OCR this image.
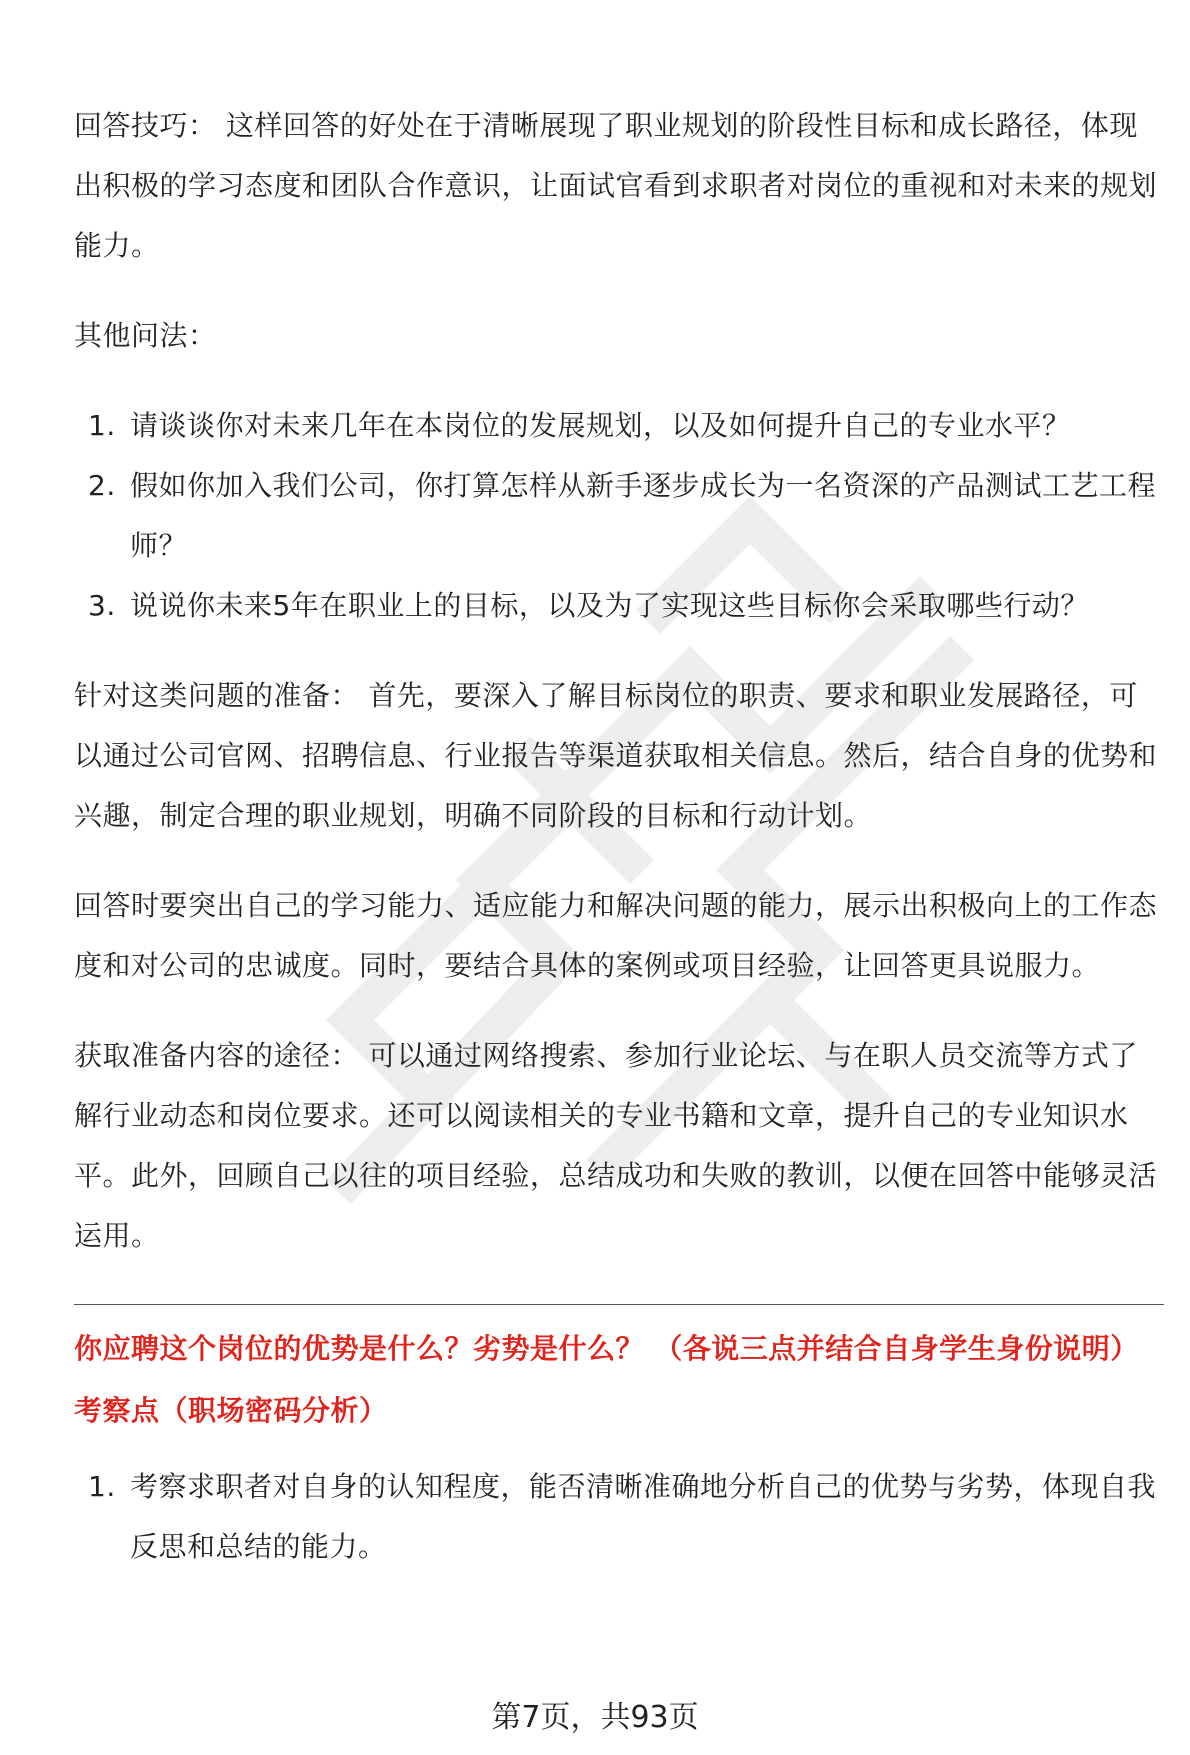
回答技巧： 这样回答的好处在于清晰展现了职业规划的阶段性目标和成长路径，体现出积极的学习态度和团队合作意识，让面试官看到求职者对岗位的重视和对未来的规划能力。

其他问法：

1. 请谈谈你对未来几年在本岗位的发展规划，以及如何提升自己的专业水平？
2. 假如你加入我们公司，你打算怎样从新手逐步成长为一名资深的产品测试工艺工程师？
3. 说说你未来5年在职业上的目标，以及为了实现这些目标你会采取哪些行动？

针对这类问题的准备： 首先，要深入了解目标岗位的职责、要求和职业发展路径，可以通过公司官网、招聘信息、行业报告等渠道获取相关信息。然后，结合自身的优势和兴趣，制定合理的职业规划，明确不同阶段的目标和行动计划。

回答时要突出自己的学习能力、适应能力和解决问题的能力，展示出积极向上的工作态度和对公司的忠诚度。同时，要结合具体的案例或项目经验，让回答更具说服力。

获取准备内容的途径： 可以通过网络搜索、参加行业论坛、与在职人员交流等方式了解行业动态和岗位要求。还可以阅读相关的专业书籍和文章，提升自己的专业知识水平。此外，回顾自己以往的项目经验，总结成功和失败的教训，以便在回答中能够灵活运用。

你应聘这个岗位的优势是什么？劣势是什么？ （各说三点并结合自身学生身份说明）
考察点（职场密码分析）
1. 考察求职者对自身的认知程度，能否清晰准确地分析自己的优势与劣势，体现自我反思和总结的能力。
第7页，共93页
